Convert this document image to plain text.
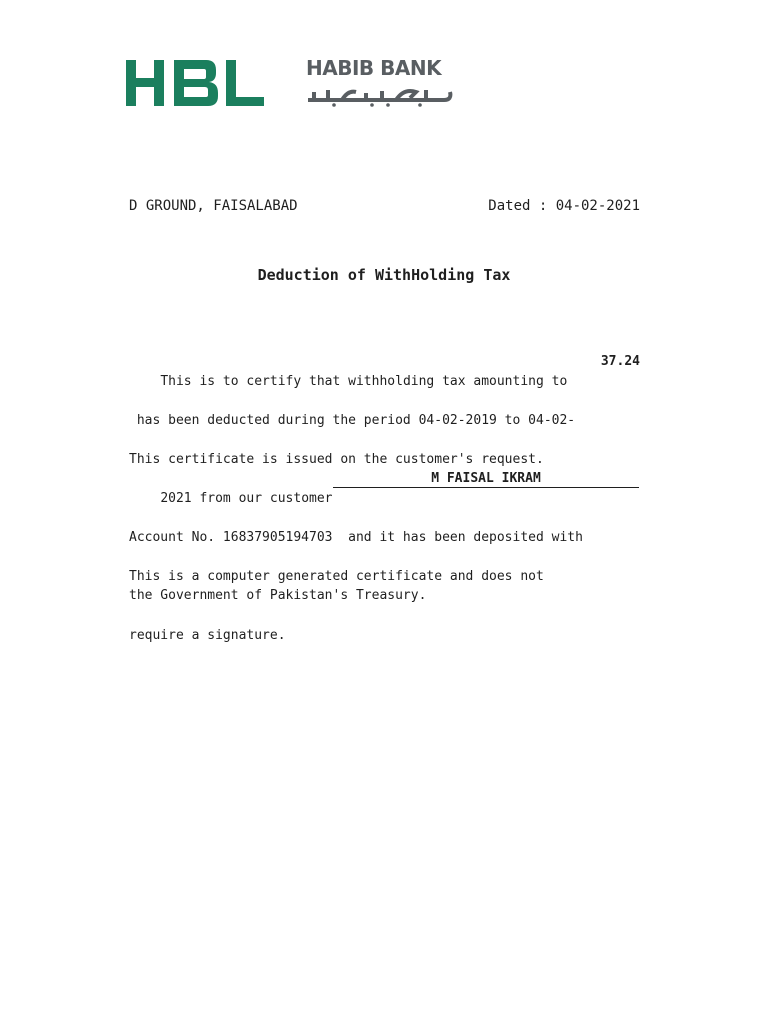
HABIB BANK

D GROUND, FAISALABAD

	Dated : 04-02-2021

Deduction of WithHolding Tax

This is to certify that withholding tax amounting to

37.24

has been deducted during the period 04-02-2019 to 04-02-

2021 from our customer

M FAISAL IKRAM

Account No. 16837905194703  and it has been deposited with

the Government of Pakistan's Treasury.

This certificate is issued on the customer's request.

This is a computer generated certificate and does not

require a signature.
